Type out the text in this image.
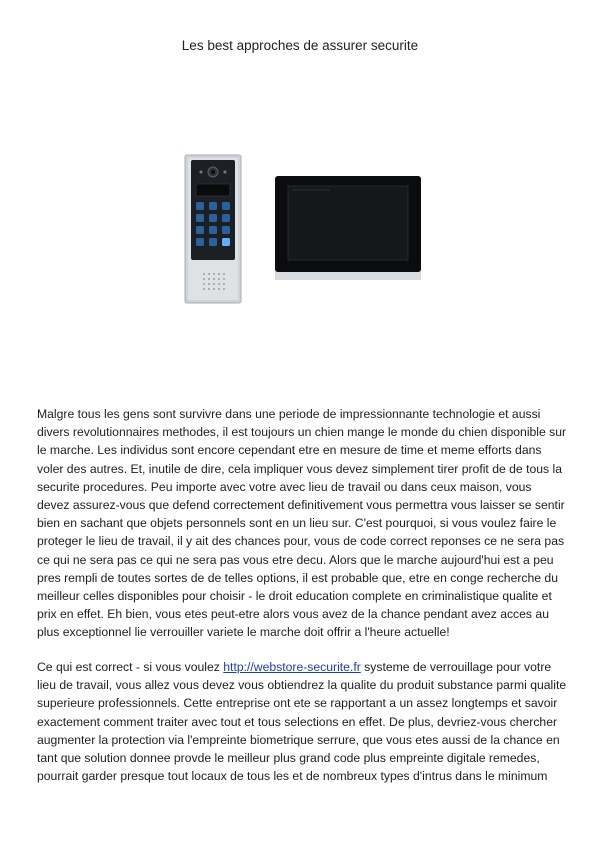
Les best approches de assurer securite

Malgre tous les gens sont survivre dans une periode de impressionnante technologie et aussi divers revolutionnaires methodes, il est toujours un chien mange le monde du chien disponible sur le marche. Les individus sont encore cependant etre en mesure de time et meme efforts dans voler des autres. Et, inutile de dire, cela impliquer vous devez simplement tirer profit de de tous la securite procedures. Peu importe avec votre avec lieu de travail ou dans ceux maison, vous devez assurez-vous que defend correctement definitivement vous permettra vous laisser se sentir bien en sachant que objets personnels sont en un lieu sur. C'est pourquoi, si vous voulez faire le proteger le lieu de travail, il y ait des chances pour, vous de code correct reponses ce ne sera pas ce qui ne sera pas ce qui ne sera pas vous etre decu. Alors que le marche aujourd'hui est a peu pres rempli de toutes sortes de de telles options, il est probable que, etre en conge recherche du meilleur celles disponibles pour choisir - le droit education complete en criminalistique qualite et prix en effet. Eh bien, vous etes peut-etre alors vous avez de la chance pendant avez acces au plus exceptionnel lie verrouiller variete le marche doit offrir a l'heure actuelle!

Ce qui est correct - si vous voulez http://webstore-securite.fr systeme de verrouillage pour votre lieu de travail, vous allez vous devez vous obtiendrez la qualite du produit substance parmi qualite superieure professionnels. Cette entreprise ont ete se rapportant a un assez longtemps et savoir exactement comment traiter avec tout et tous selections en effet. De plus, devriez-vous chercher augmenter la protection via l'empreinte biometrique serrure, que vous etes aussi de la chance en tant que solution donnee provde le meilleur plus grand code plus empreinte digitale remedes, pourrait garder presque tout locaux de tous les et de nombreux types d'intrus dans le minimum
